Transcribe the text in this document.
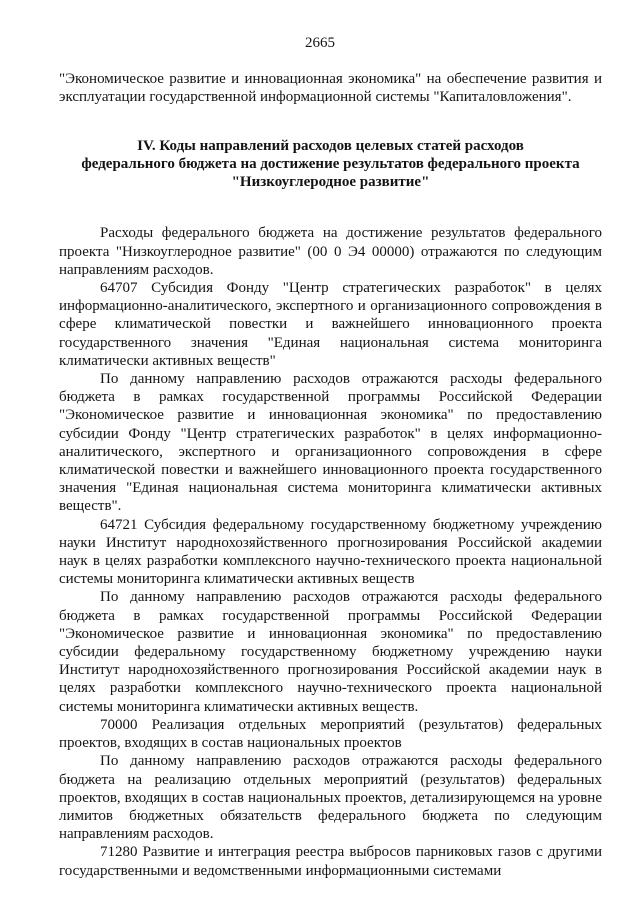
2665

"Экономическое развитие и инновационная экономика" на обеспечение развития и эксплуатации государственной информационной системы "Капиталовложения".

IV. Коды направлений расходов целевых статей расходов
федерального бюджета на достижение результатов федерального проекта
"Низкоуглеродное развитие"

Расходы федерального бюджета на достижение результатов федерального проекта "Низкоуглеродное развитие" (00 0 Э4 00000) отражаются по следующим направлениям расходов.

64707 Субсидия Фонду "Центр стратегических разработок" в целях информационно-аналитического, экспертного и организационного сопровождения в сфере климатической повестки и важнейшего инновационного проекта государственного значения "Единая национальная система мониторинга климатически активных веществ"

По данному направлению расходов отражаются расходы федерального бюджета в рамках государственной программы Российской Федерации "Экономическое развитие и инновационная экономика" по предоставлению субсидии Фонду "Центр стратегических разработок" в целях информационно-аналитического, экспертного и организационного сопровождения в сфере климатической повестки и важнейшего инновационного проекта государственного значения "Единая национальная система мониторинга климатически активных веществ".

64721 Субсидия федеральному государственному бюджетному учреждению науки Институт народнохозяйственного прогнозирования Российской академии наук в целях разработки комплексного научно-технического проекта национальной системы мониторинга климатически активных веществ

По данному направлению расходов отражаются расходы федерального бюджета в рамках государственной программы Российской Федерации "Экономическое развитие и инновационная экономика" по предоставлению субсидии федеральному государственному бюджетному учреждению науки Институт народнохозяйственного прогнозирования Российской академии наук в целях разработки комплексного научно-технического проекта национальной системы мониторинга климатически активных веществ.

70000 Реализация отдельных мероприятий (результатов) федеральных проектов, входящих в состав национальных проектов

По данному направлению расходов отражаются расходы федерального бюджета на реализацию отдельных мероприятий (результатов) федеральных проектов, входящих в состав национальных проектов, детализирующемся на уровне лимитов бюджетных обязательств федерального бюджета по следующим направлениям расходов.

71280 Развитие и интеграция реестра выбросов парниковых газов с другими государственными и ведомственными информационными системами
